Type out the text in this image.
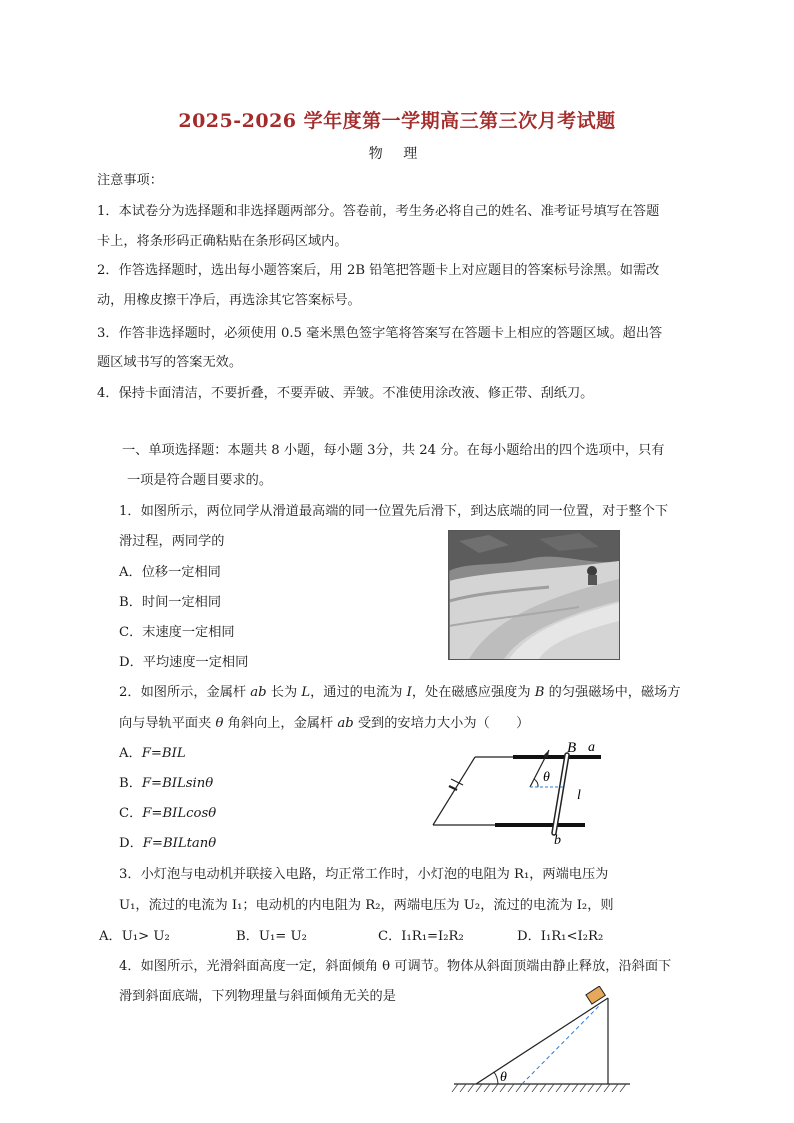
2025-2026 学年度第一学期高三第三次月考试题
物 理
注意事项：
1．本试卷分为选择题和非选择题两部分。答卷前，考生务必将自己的姓名、准考证号填写在答题
卡上，将条形码正确粘贴在条形码区域内。
2．作答选择题时，选出每小题答案后，用 2B 铅笔把答题卡上对应题目的答案标号涂黑。如需改
动，用橡皮擦干净后，再选涂其它答案标号。
3．作答非选择题时，必须使用 0.5 毫米黑色签字笔将答案写在答题卡上相应的答题区域。超出答
题区域书写的答案无效。
4．保持卡面清洁，不要折叠，不要弄破、弄皱。不准使用涂改液、修正带、刮纸刀。
一、单项选择题：本题共 8 小题，每小题 3分，共 24 分。在每小题给出的四个选项中，只有
一项是符合题目要求的。
1．如图所示，两位同学从滑道最高端的同一位置先后滑下，到达底端的同一位置，对于整个下
滑过程，两同学的
A．位移一定相同
B．时间一定相同
C．末速度一定相同
D．平均速度一定相同
2．如图所示，金属杆 ab 长为 L，通过的电流为 I，处在磁感应强度为 B 的匀强磁场中，磁场方
向与导轨平面夹 θ 角斜向上，金属杆 ab 受到的安培力大小为（　　）
A．F=BIL
B．F=BILsinθ
C．F=BILcosθ
D．F=BILtanθ
B a
θ
l
b
3．小灯泡与电动机并联接入电路，均正常工作时，小灯泡的电阻为 R₁，两端电压为
U₁，流过的电流为 I₁；电动机的内电阻为 R₂，两端电压为 U₂，流过的电流为 I₂，则
A．U₁> U₂	B．U₁= U₂	C．I₁R₁=I₂R₂	D．I₁R₁<I₂R₂
4．如图所示，光滑斜面高度一定，斜面倾角 θ 可调节。物体从斜面顶端由静止释放，沿斜面下
滑到斜面底端，下列物理量与斜面倾角无关的是
θ
